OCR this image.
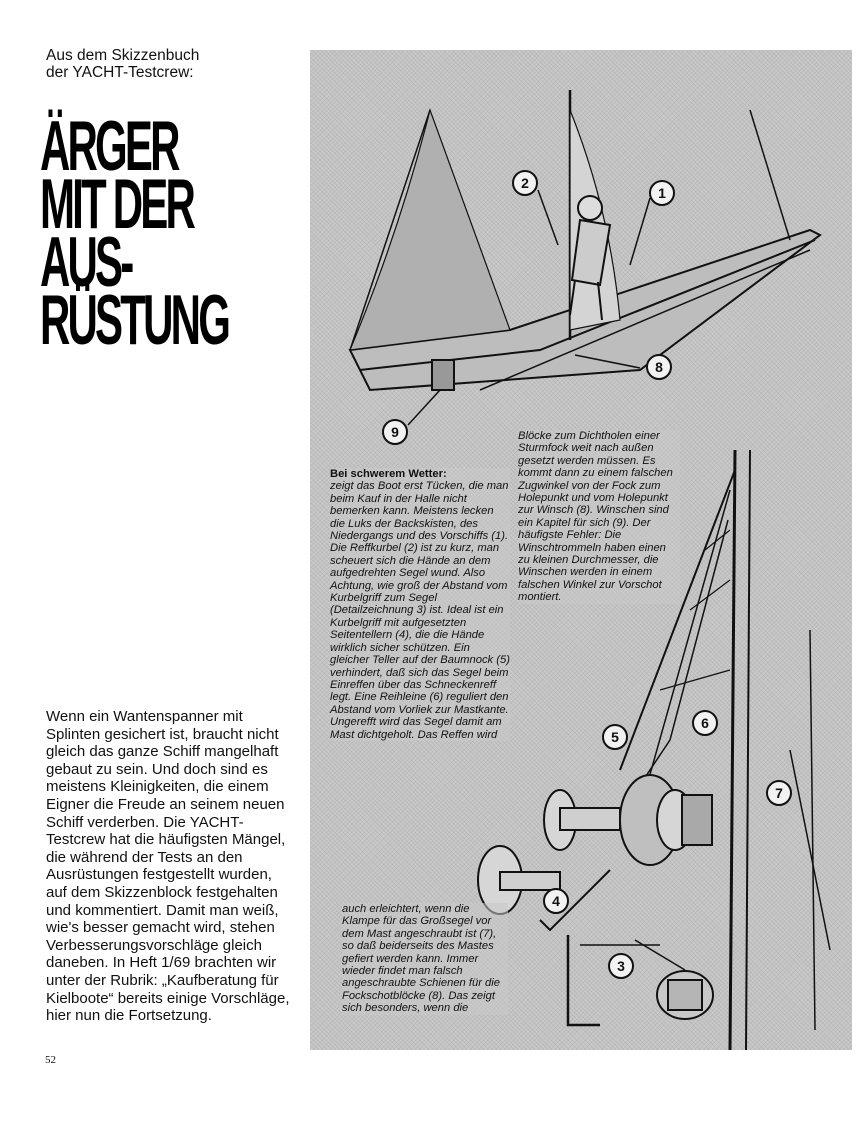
Aus dem Skizzenbuch
der YACHT-Testcrew:
ÄRGER
MIT DER
AUS-
RÜSTUNG
Wenn ein Wantenspanner mit Splinten gesichert ist, braucht nicht gleich das ganze Schiff mangelhaft gebaut zu sein. Und doch sind es meistens Kleinigkeiten, die einem Eigner die Freude an seinem neuen Schiff verderben. Die YACHT-Testcrew hat die häufigsten Mängel, die während der Tests an den Ausrüstungen festgestellt wurden, auf dem Skizzenblock festgehalten und kommentiert. Damit man weiß, wie's besser gemacht wird, stehen Verbesserungsvorschläge gleich daneben. In Heft 1/69 brachten wir unter der Rubrik: „Kaufberatung für Kielboote“ bereits einige Vorschläge, hier nun die Fortsetzung.
52
2
1
8
9
5
6
7
4
3
Bei schwerem Wetter:
zeigt das Boot erst Tücken, die man beim Kauf in der Halle nicht bemerken kann. Meistens lecken die Luks der Backskisten, des Niedergangs und des Vorschiffs (1). Die Reffkurbel (2) ist zu kurz, man scheuert sich die Hände an dem aufgedrehten Segel wund. Also Achtung, wie groß der Abstand vom Kurbelgriff zum Segel (Detailzeichnung 3) ist. Ideal ist ein Kurbelgriff mit aufgesetzten Seitentellern (4), die die Hände wirklich sicher schützen. Ein gleicher Teller auf der Baumnock (5) verhindert, daß sich das Segel beim Einreffen über das Schneckenreff legt. Eine Reihleine (6) reguliert den Abstand vom Vorliek zur Mastkante. Ungerefft wird das Segel damit am Mast dichtgeholt. Das Reffen wird
Blöcke zum Dichtholen einer Sturmfock weit nach außen gesetzt werden müssen. Es kommt dann zu einem falschen Zugwinkel von der Fock zum Holepunkt und vom Holepunkt zur Winsch (8). Winschen sind ein Kapitel für sich (9). Der häufigste Fehler: Die Winschtrommeln haben einen zu kleinen Durchmesser, die Winschen werden in einem falschen Winkel zur Vorschot montiert.
auch erleichtert, wenn die Klampe für das Großsegel vor dem Mast angeschraubt ist (7), so daß beiderseits des Mastes gefiert werden kann. Immer wieder findet man falsch angeschraubte Schienen für die Fockschotblöcke (8). Das zeigt sich besonders, wenn die
